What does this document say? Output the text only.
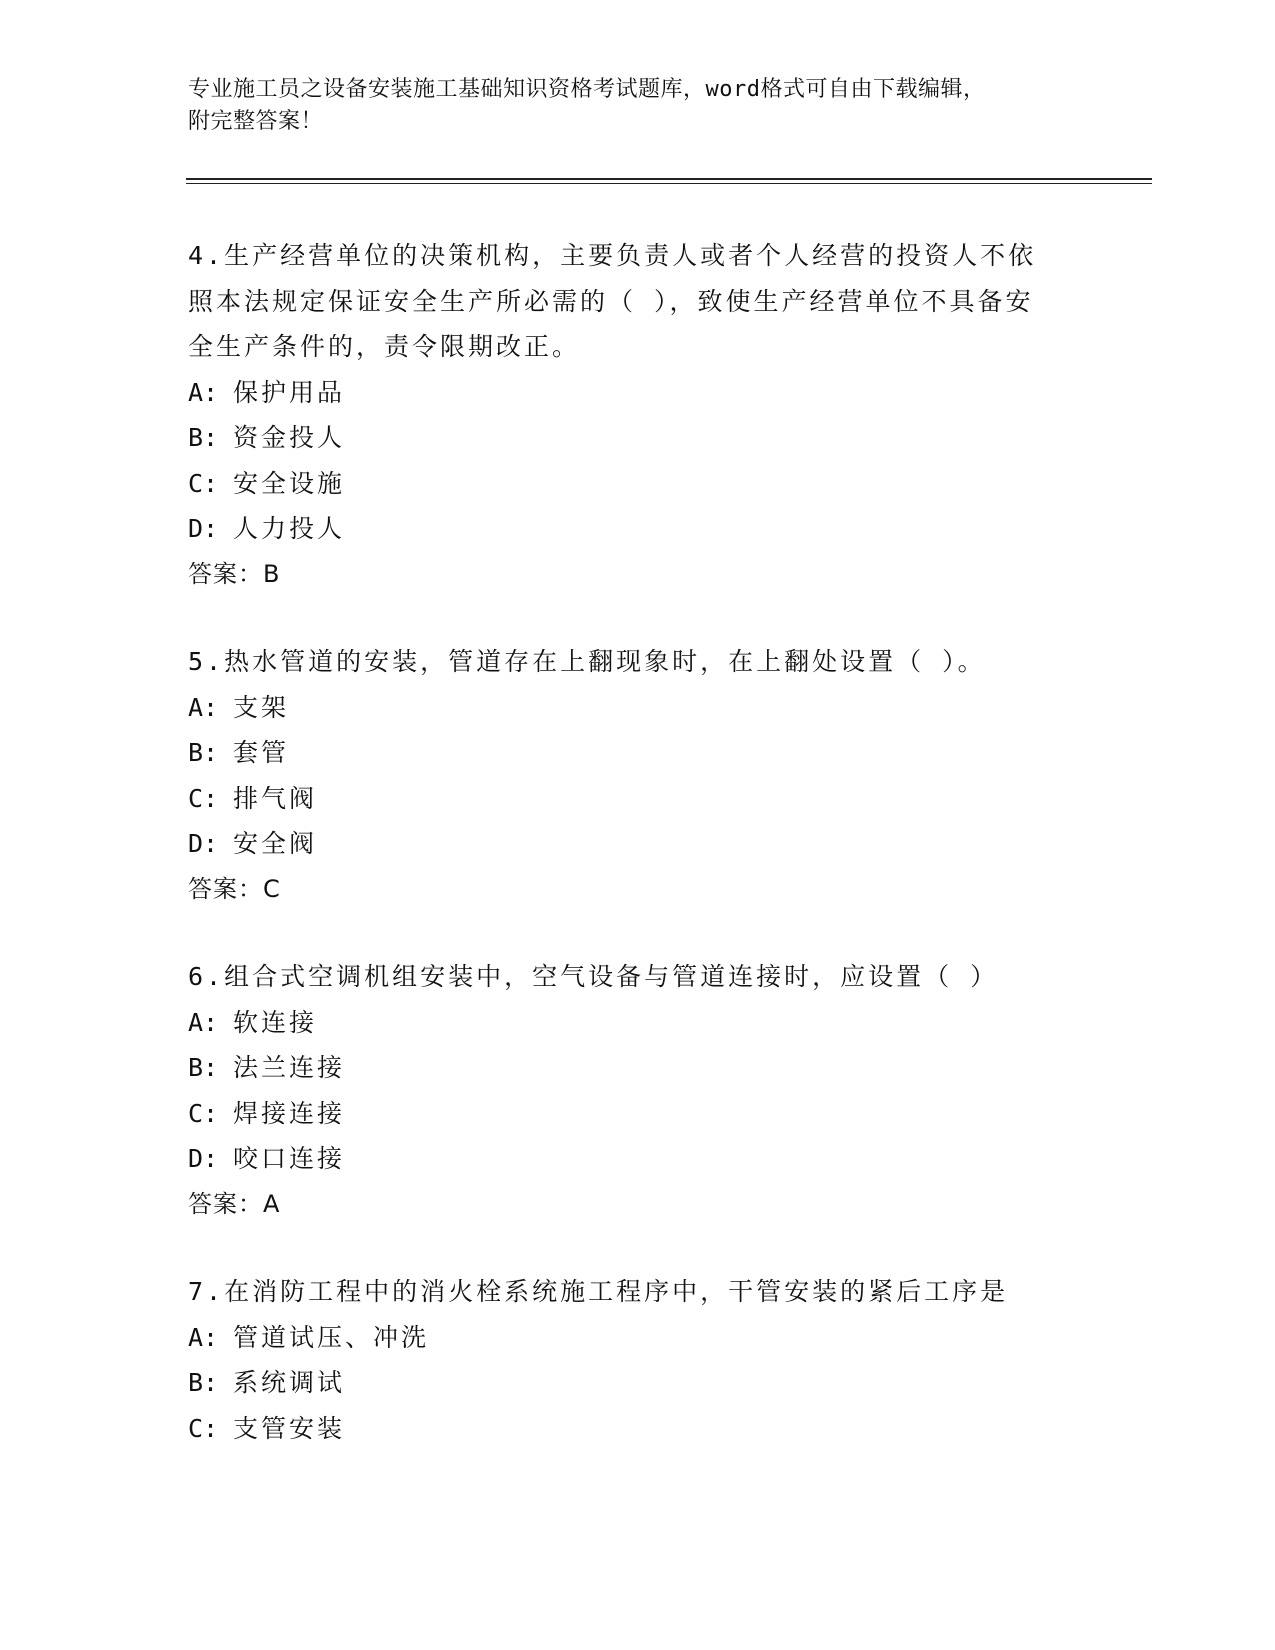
专业施工员之设备安装施工基础知识资格考试题库，word格式可自由下载编辑，
附完整答案！
4.生产经营单位的决策机构，主要负责人或者个人经营的投资人不依
照本法规定保证安全生产所必需的（ ），致使生产经营单位不具备安
全生产条件的，责令限期改正。
A: 保护用品
B: 资金投人
C: 安全设施
D: 人力投人
答案：B
5.热水管道的安装，管道存在上翻现象时，在上翻处设置（ ）。
A: 支架
B: 套管
C: 排气阀
D: 安全阀
答案：C
6.组合式空调机组安装中，空气设备与管道连接时，应设置（ ）
A: 软连接
B: 法兰连接
C: 焊接连接
D: 咬口连接
答案：A
7.在消防工程中的消火栓系统施工程序中，干管安装的紧后工序是
A: 管道试压、冲洗
B: 系统调试
C: 支管安装
